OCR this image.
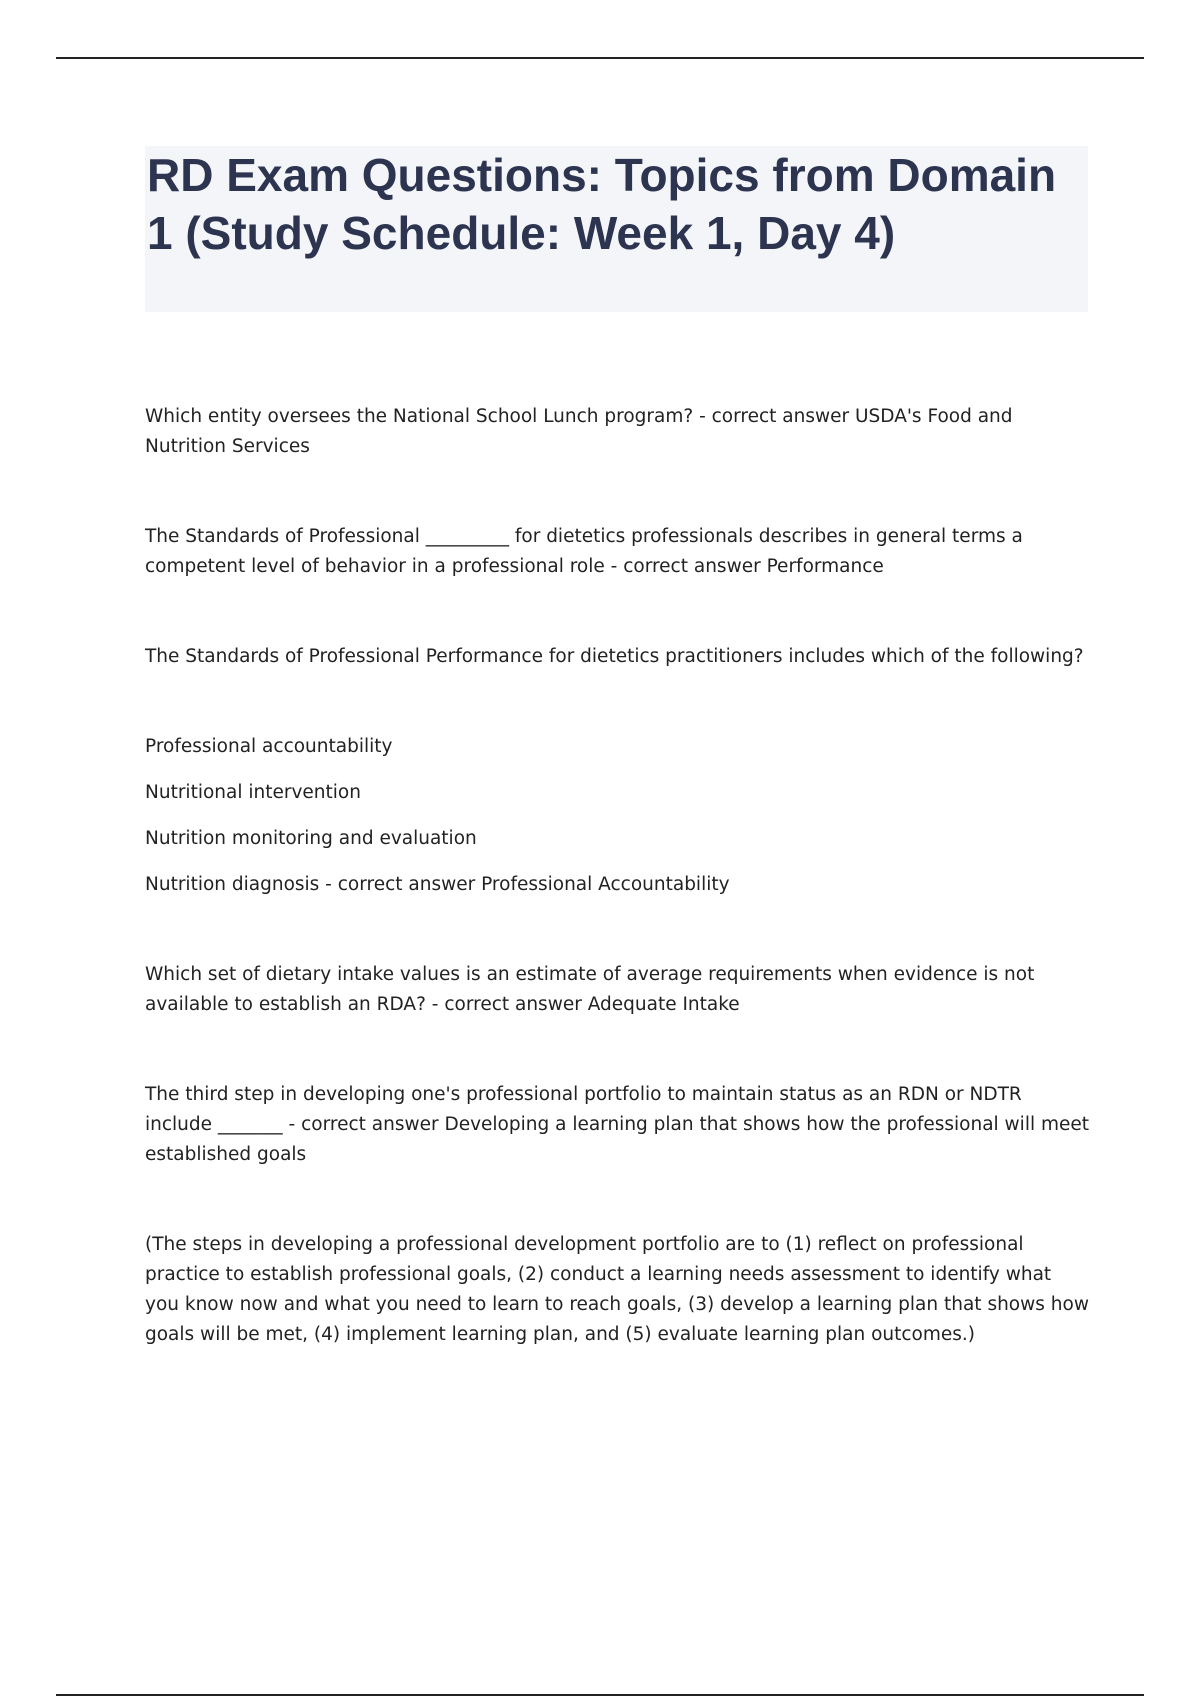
RD Exam Questions: Topics from Domain 1 (Study Schedule: Week 1, Day 4)

Which entity oversees the National School Lunch program? - correct answer USDA's Food and Nutrition Services

The Standards of Professional _________ for dietetics professionals describes in general terms a competent level of behavior in a professional role - correct answer Performance

The Standards of Professional Performance for dietetics practitioners includes which of the following?

Professional accountability

Nutritional intervention

Nutrition monitoring and evaluation

Nutrition diagnosis - correct answer Professional Accountability

Which set of dietary intake values is an estimate of average requirements when evidence is not available to establish an RDA? - correct answer Adequate Intake

The third step in developing one's professional portfolio to maintain status as an RDN or NDTR include _______ - correct answer Developing a learning plan that shows how the professional will meet established goals

(The steps in developing a professional development portfolio are to (1) reflect on professional practice to establish professional goals, (2) conduct a learning needs assessment to identify what you know now and what you need to learn to reach goals, (3) develop a learning plan that shows how goals will be met, (4) implement learning plan, and (5) evaluate learning plan outcomes.)
